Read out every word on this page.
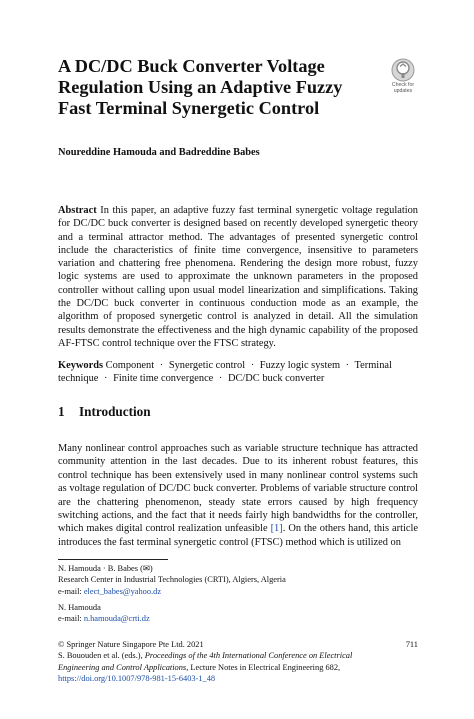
A DC/DC Buck Converter Voltage Regulation Using an Adaptive Fuzzy Fast Terminal Synergetic Control
Check for
updates
Noureddine Hamouda and Badreddine Babes
Abstract In this paper, an adaptive fuzzy fast terminal synergetic voltage regulation for DC/DC buck converter is designed based on recently developed synergetic theory and a terminal attractor method. The advantages of presented synergetic control include the characteristics of finite time convergence, insensitive to parameters variation and chattering free phenomena. Rendering the design more robust, fuzzy logic systems are used to approximate the unknown parameters in the proposed controller without calling upon usual model linearization and simplifications. Taking the DC/DC buck converter in continuous conduction mode as an example, the algorithm of proposed synergetic control is analyzed in detail. All the simulation results demonstrate the effectiveness and the high dynamic capability of the proposed AF-FTSC control technique over the FTSC strategy.
Keywords Component · Synergetic control · Fuzzy logic system · Terminal technique · Finite time convergence · DC/DC buck converter
1 Introduction
Many nonlinear control approaches such as variable structure technique has attracted community attention in the last decades. Due to its inherent robust features, this control technique has been extensively used in many nonlinear control systems such as voltage regulation of DC/DC buck converter. Problems of variable structure control are the chattering phenomenon, steady state errors caused by high frequency switching actions, and the fact that it needs fairly high bandwidths for the controller, which makes digital control realization unfeasible [1]. On the others hand, this article introduces the fast terminal synergetic control (FTSC) method which is utilized on
N. Hamouda · B. Babes (✉)
Research Center in Industrial Technologies (CRTI), Algiers, Algeria
e-mail: elect_babes@yahoo.dz
N. Hamouda
e-mail: n.hamouda@crti.dz
© Springer Nature Singapore Pte Ltd. 2021
S. Bououden et al. (eds.), Proceedings of the 4th International Conference on Electrical
Engineering and Control Applications, Lecture Notes in Electrical Engineering 682,
https://doi.org/10.1007/978-981-15-6403-1_48
711
